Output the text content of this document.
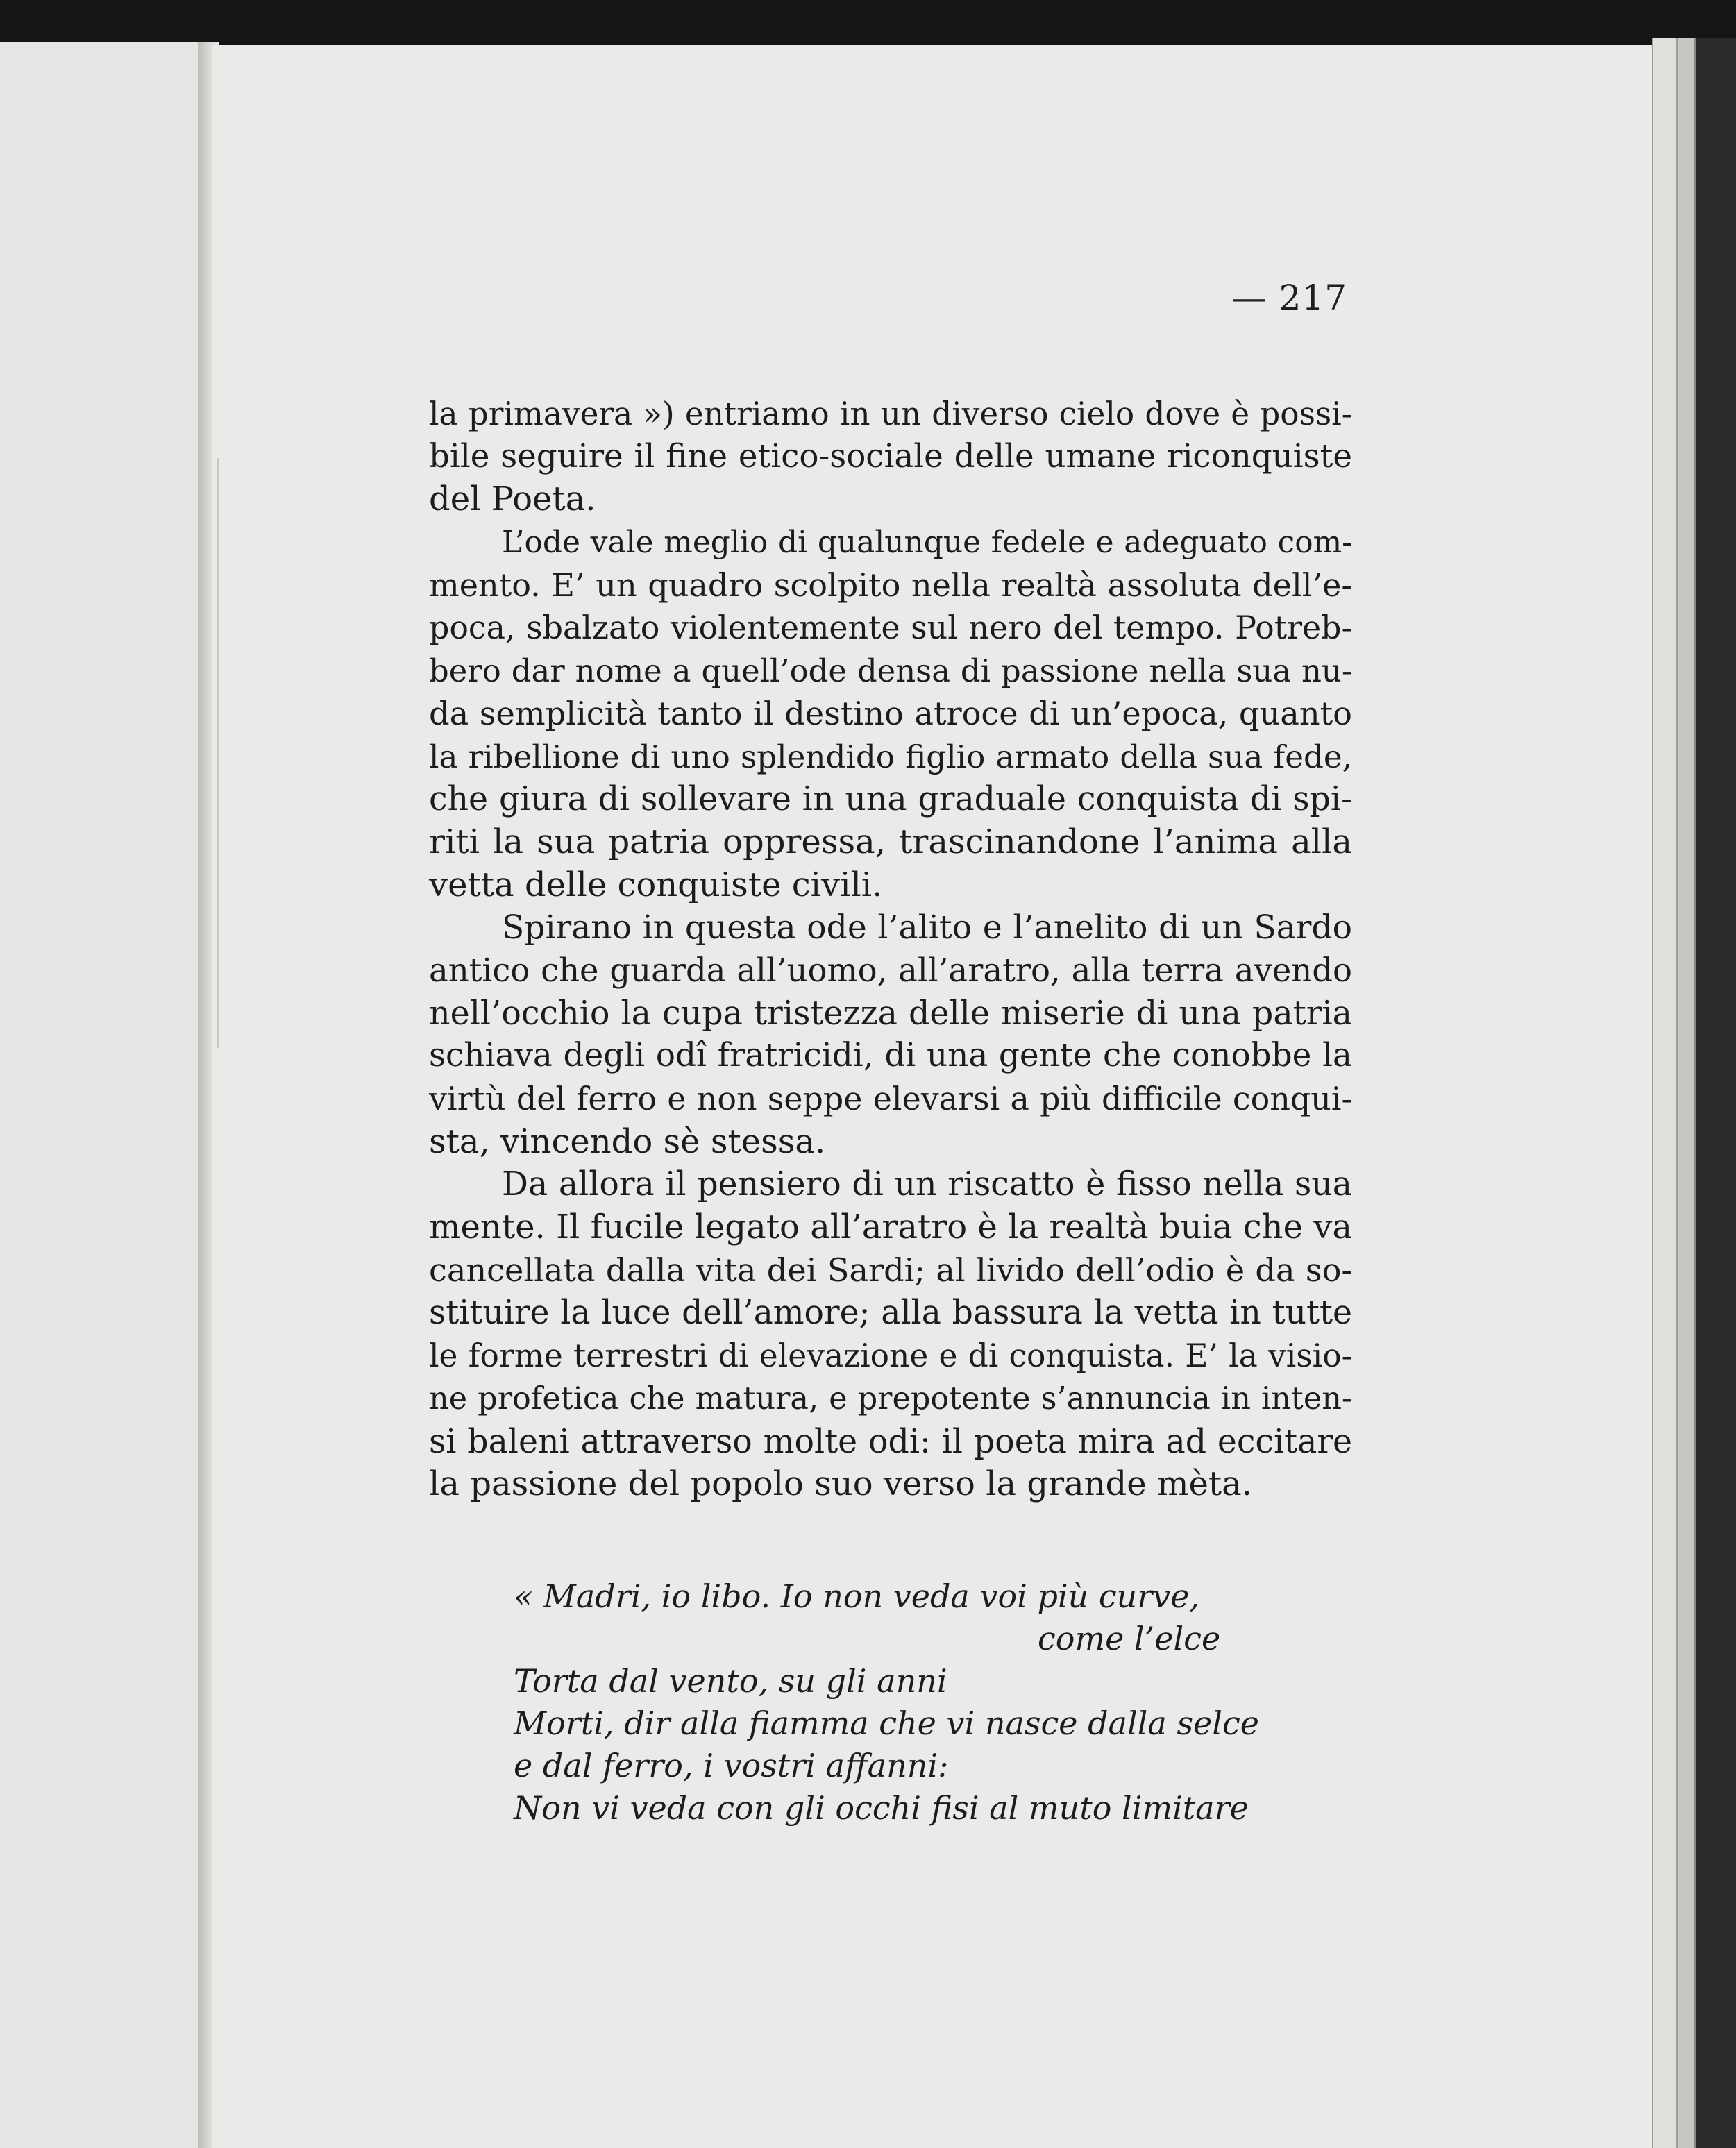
— 217
la primavera ») entriamo in un diverso cielo dove è possi-
bile seguire il fine etico-sociale delle umane riconquiste
del Poeta.
L’ode vale meglio di qualunque fedele e adeguato com-
mento. E’ un quadro scolpito nella realtà assoluta dell’e-
poca, sbalzato violentemente sul nero del tempo. Potreb-
bero dar nome a quell’ode densa di passione nella sua nu-
da semplicità tanto il destino atroce di un’epoca, quanto
la ribellione di uno splendido figlio armato della sua fede,
che giura di sollevare in una graduale conquista di spi-
riti la sua patria oppressa, trascinandone l’anima alla
vetta delle conquiste civili.
Spirano in questa ode l’alito e l’anelito di un Sardo
antico che guarda all’uomo, all’aratro, alla terra avendo
nell’occhio la cupa tristezza delle miserie di una patria
schiava degli odî fratricidi, di una gente che conobbe la
virtù del ferro e non seppe elevarsi a più difficile conqui-
sta, vincendo sè stessa.
Da allora il pensiero di un riscatto è fisso nella sua
mente. Il fucile legato all’aratro è la realtà buia che va
cancellata dalla vita dei Sardi; al livido dell’odio è da so-
stituire la luce dell’amore; alla bassura la vetta in tutte
le forme terrestri di elevazione e di conquista. E’ la visio-
ne profetica che matura, e prepotente s’annuncia in inten-
si baleni attraverso molte odi: il poeta mira ad eccitare
la passione del popolo suo verso la grande mèta.
« Madri, io libo. Io non veda voi più curve,
come l’elce
Torta dal vento, su gli anni
Morti, dir alla fiamma che vi nasce dalla selce
e dal ferro, i vostri affanni:
Non vi veda con gli occhi fisi al muto limitare
